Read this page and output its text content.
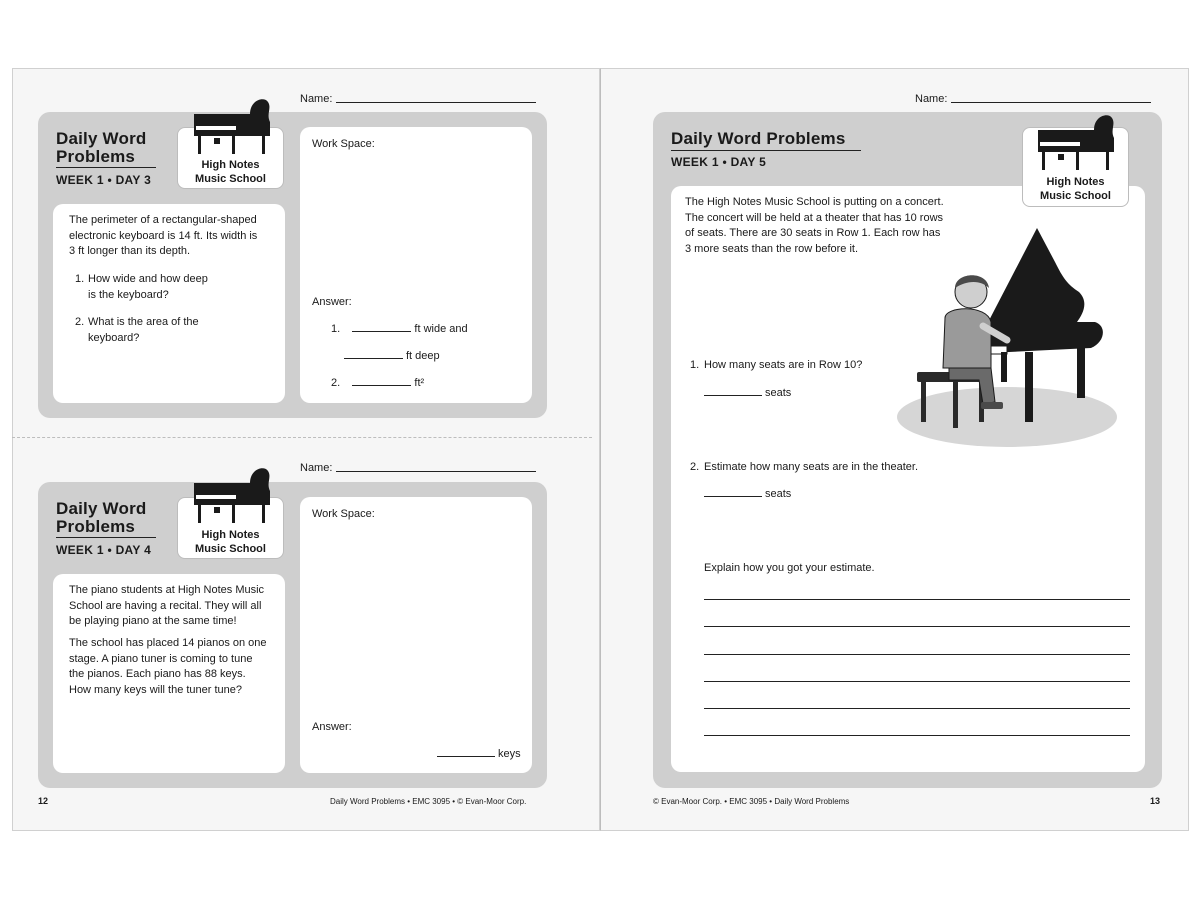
Name:
Daily Word
Problems
WEEK 1 • DAY 3
High Notes
Music School
The perimeter of a rectangular-shaped
electronic keyboard is 14 ft. Its width is
3 ft longer than its depth.
1. How wide and how deep
is the keyboard?
2. What is the area of the
keyboard?
Work Space:
Answer:
1.	ft wide and
ft deep
2.	ft²
Name:
Daily Word
Problems
WEEK 1 • DAY 4
High Notes
Music School
The piano students at High Notes Music
School are having a recital. They will all
be playing piano at the same time!
The school has placed 14 pianos on one
stage. A piano tuner is coming to tune
the pianos. Each piano has 88 keys.
How many keys will the tuner tune?
Work Space:
Answer:
keys
12	Daily Word Problems • EMC 3095 • © Evan-Moor Corp.
Name:
Daily Word Problems
WEEK 1 • DAY 5
High Notes
Music School
The High Notes Music School is putting on a concert.
The concert will be held at a theater that has 10 rows
of seats. There are 30 seats in Row 1. Each row has
3 more seats than the row before it.
1. How many seats are in Row 10?
seats
2. Estimate how many seats are in the theater.
seats
Explain how you got your estimate.
© Evan-Moor Corp. • EMC 3095 • Daily Word Problems	13
